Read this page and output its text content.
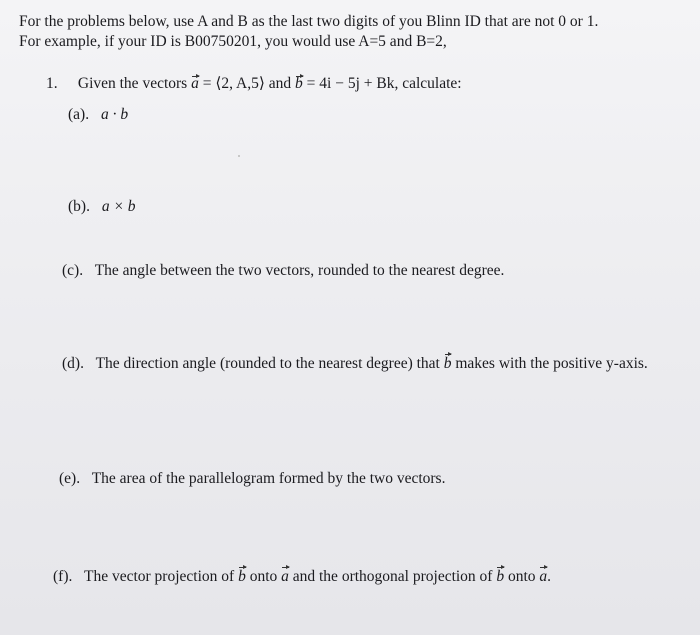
For the problems below, use A and B as the last two digits of you Blinn ID that are not 0 or 1.
For example, if your ID is B00750201, you would use A=5 and B=2,
1. Given the vectors a = ⟨2, A,5⟩ and b = 4i − 5j + Bk, calculate:
(a). a · b
(b). a × b
(c). The angle between the two vectors, rounded to the nearest degree.
(d). The direction angle (rounded to the nearest degree) that b makes with the positive y-axis.
(e). The area of the parallelogram formed by the two vectors.
(f). The vector projection of b onto a and the orthogonal projection of b onto a.
